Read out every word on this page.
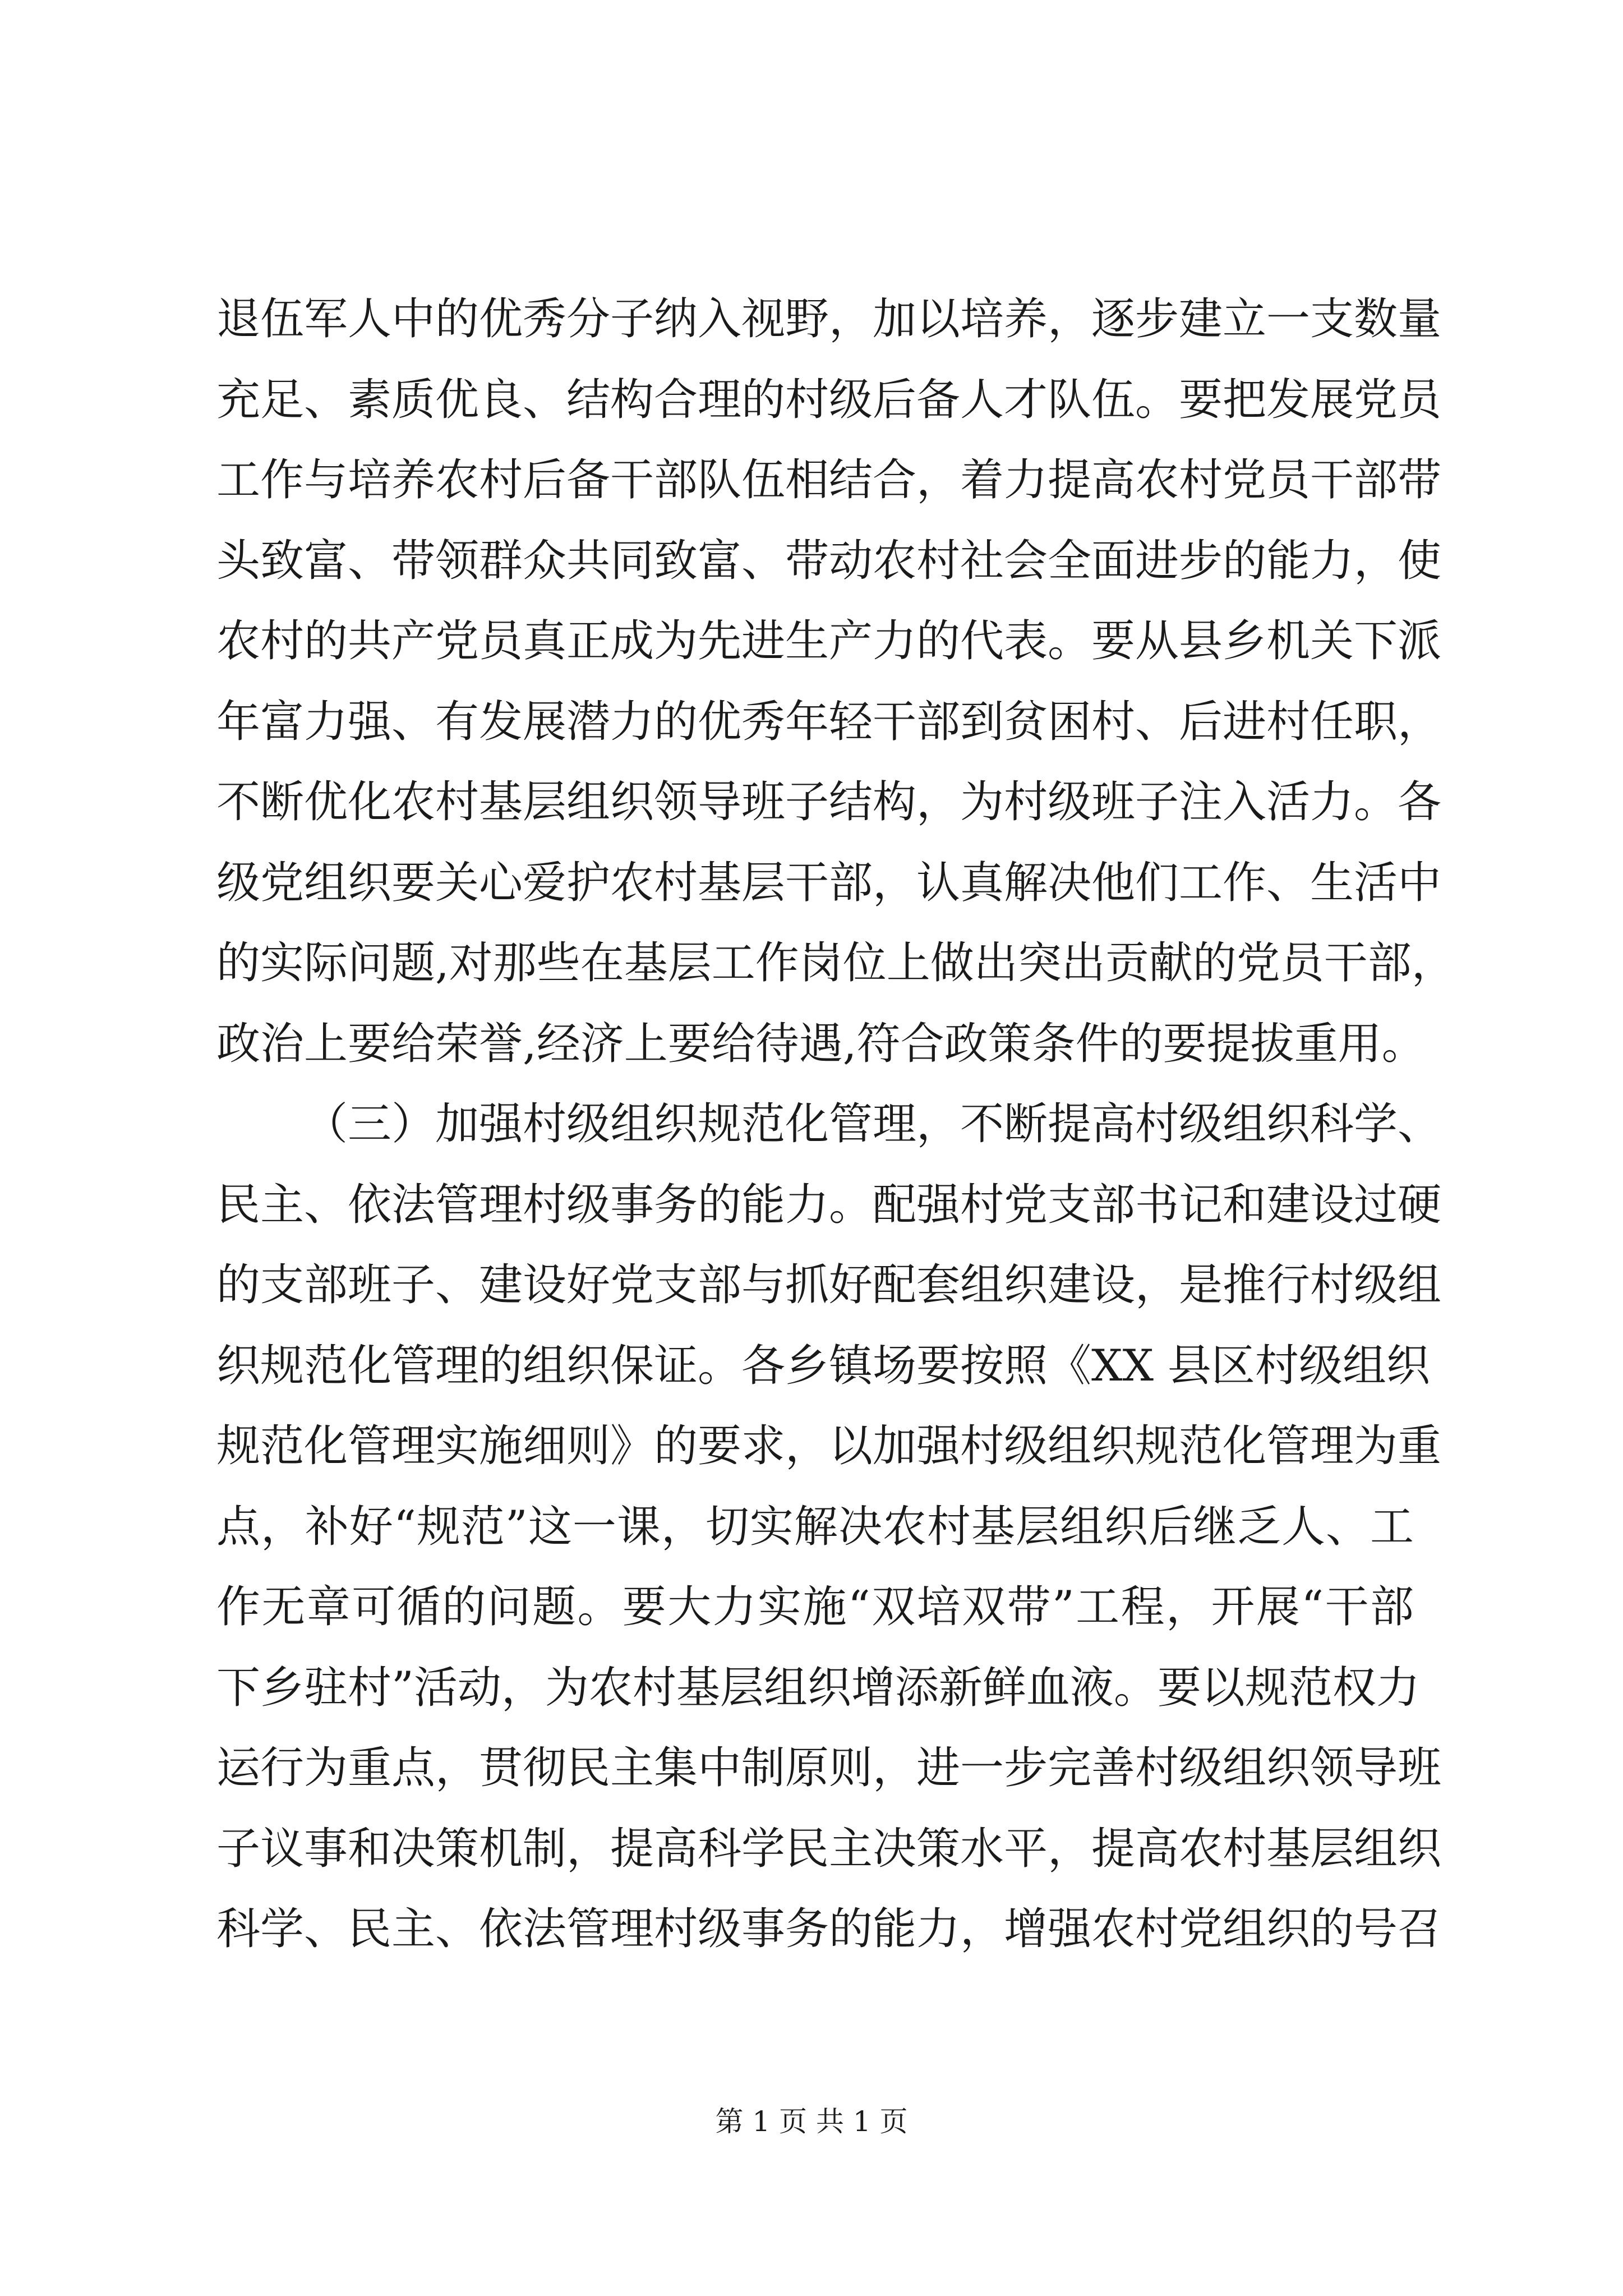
退伍军人中的优秀分子纳入视野，加以培养，逐步建立一支数量
充足、素质优良、结构合理的村级后备人才队伍。要把发展党员
工作与培养农村后备干部队伍相结合，着力提高农村党员干部带
头致富、带领群众共同致富、带动农村社会全面进步的能力，使
农村的共产党员真正成为先进生产力的代表。要从县乡机关下派
年富力强、有发展潜力的优秀年轻干部到贫困村、后进村任职，
不断优化农村基层组织领导班子结构，为村级班子注入活力。各
级党组织要关心爱护农村基层干部，认真解决他们工作、生活中
的实际问题,对那些在基层工作岗位上做出突出贡献的党员干部，
政治上要给荣誉,经济上要给待遇,符合政策条件的要提拔重用。
（三）加强村级组织规范化管理，不断提高村级组织科学、
民主、依法管理村级事务的能力。配强村党支部书记和建设过硬
的支部班子、建设好党支部与抓好配套组织建设，是推行村级组
织规范化管理的组织保证。各乡镇场要按照《XX 县区村级组织
规范化管理实施细则》的要求，以加强村级组织规范化管理为重
点，补好“规范”这一课，切实解决农村基层组织后继乏人、工
作无章可循的问题。要大力实施“双培双带”工程，开展“干部
下乡驻村”活动，为农村基层组织增添新鲜血液。要以规范权力
运行为重点，贯彻民主集中制原则，进一步完善村级组织领导班
子议事和决策机制，提高科学民主决策水平，提高农村基层组织
科学、民主、依法管理村级事务的能力，增强农村党组织的号召
第 1 页 共 1 页
